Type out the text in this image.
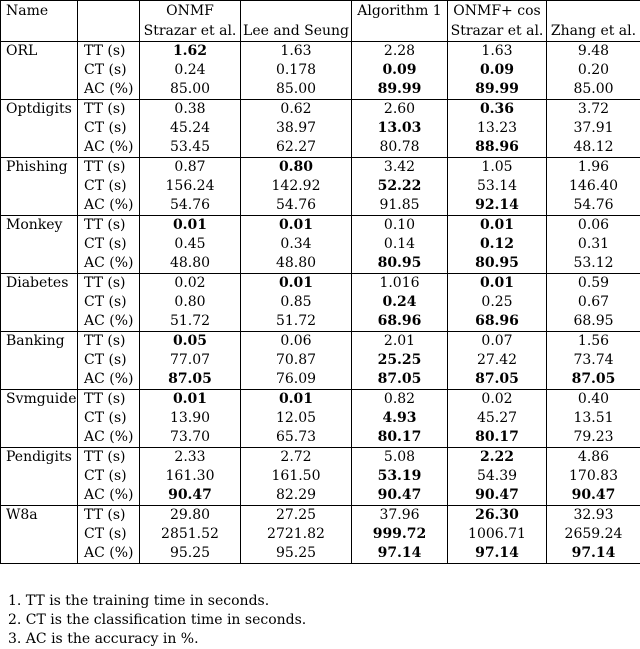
Name		ONMF		Algorithm 1	ONMF+ cos	
		Strazar et al.	Lee and Seung		Strazar et al.	Zhang et al.
ORL	TT (s)	1.62	1.63	2.28	1.63	9.48
	CT (s)	0.24	0.178	0.09	0.09	0.20
	AC (%)	85.00	85.00	89.99	89.99	85.00
Optdigits	TT (s)	0.38	0.62	2.60	0.36	3.72
	CT (s)	45.24	38.97	13.03	13.23	37.91
	AC (%)	53.45	62.27	80.78	88.96	48.12
Phishing	TT (s)	0.87	0.80	3.42	1.05	1.96
	CT (s)	156.24	142.92	52.22	53.14	146.40
	AC (%)	54.76	54.76	91.85	92.14	54.76
Monkey	TT (s)	0.01	0.01	0.10	0.01	0.06
	CT (s)	0.45	0.34	0.14	0.12	0.31
	AC (%)	48.80	48.80	80.95	80.95	53.12
Diabetes	TT (s)	0.02	0.01	1.016	0.01	0.59
	CT (s)	0.80	0.85	0.24	0.25	0.67
	AC (%)	51.72	51.72	68.96	68.96	68.95
Banking	TT (s)	0.05	0.06	2.01	0.07	1.56
	CT (s)	77.07	70.87	25.25	27.42	73.74
	AC (%)	87.05	76.09	87.05	87.05	87.05
Svmguide	TT (s)	0.01	0.01	0.82	0.02	0.40
	CT (s)	13.90	12.05	4.93	45.27	13.51
	AC (%)	73.70	65.73	80.17	80.17	79.23
Pendigits	TT (s)	2.33	2.72	5.08	2.22	4.86
	CT (s)	161.30	161.50	53.19	54.39	170.83
	AC (%)	90.47	82.29	90.47	90.47	90.47
W8a	TT (s)	29.80	27.25	37.96	26.30	32.93
	CT (s)	2851.52	2721.82	999.72	1006.71	2659.24
	AC (%)	95.25	95.25	97.14	97.14	97.14
1. TT is the training time in seconds.
2. CT is the classification time in seconds.
3. AC is the accuracy in %.
